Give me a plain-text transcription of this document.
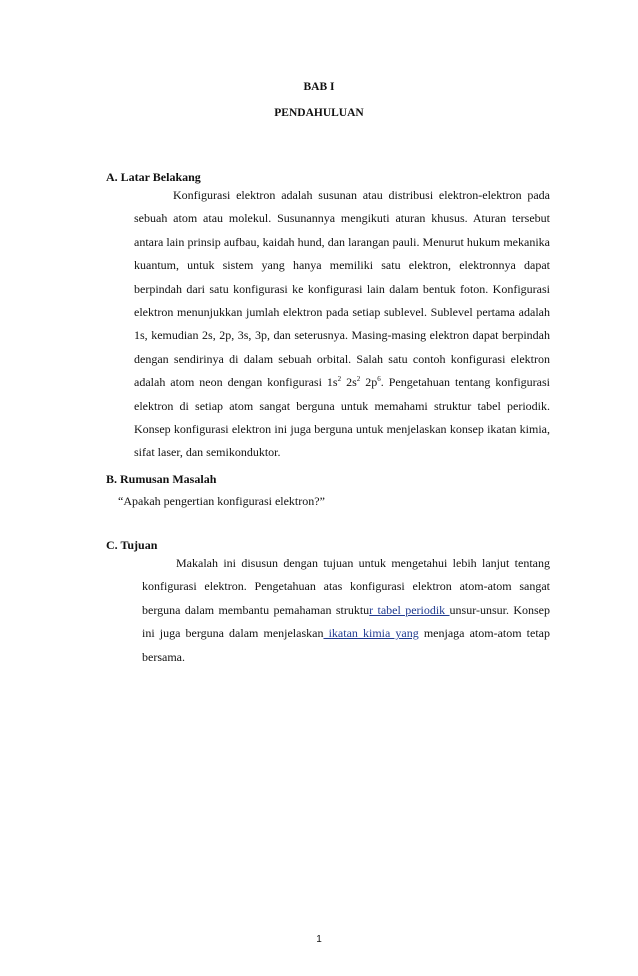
BAB I
PENDAHULUAN
A. Latar Belakang

Konfigurasi elektron adalah susunan atau distribusi elektron-elektron pada sebuah atom atau molekul. Susunannya mengikuti aturan khusus. Aturan tersebut antara lain prinsip aufbau, kaidah hund, dan larangan pauli. Menurut hukum mekanika kuantum, untuk sistem yang hanya memiliki satu elektron, elektronnya dapat berpindah dari satu konfigurasi ke konfigurasi lain dalam bentuk foton. Konfigurasi elektron menunjukkan jumlah elektron pada setiap sublevel. Sublevel pertama adalah 1s, kemudian 2s, 2p, 3s, 3p, dan seterusnya. Masing-masing elektron dapat berpindah dengan sendirinya di dalam sebuah orbital. Salah satu contoh konfigurasi elektron adalah atom neon dengan konfigurasi $1s^2$ $2s^2$ $2p^6$. Pengetahuan tentang konfigurasi elektron di setiap atom sangat berguna untuk memahami struktur tabel periodik. Konsep konfigurasi elektron ini juga berguna untuk menjelaskan konsep ikatan kimia, sifat laser, dan semikonduktor.

B. Rumusan Masalah
“Apakah pengertian konfigurasi elektron?”
C. Tujuan

Makalah ini disusun dengan tujuan untuk mengetahui lebih lanjut tentang konfigurasi elektron. Pengetahuan atas konfigurasi elektron atom-atom sangat berguna dalam membantu pemahaman struktur tabel periodik unsur-unsur. Konsep ini juga berguna dalam menjelaskan ikatan kimia yang menjaga atom-atom tetap bersama.

1
